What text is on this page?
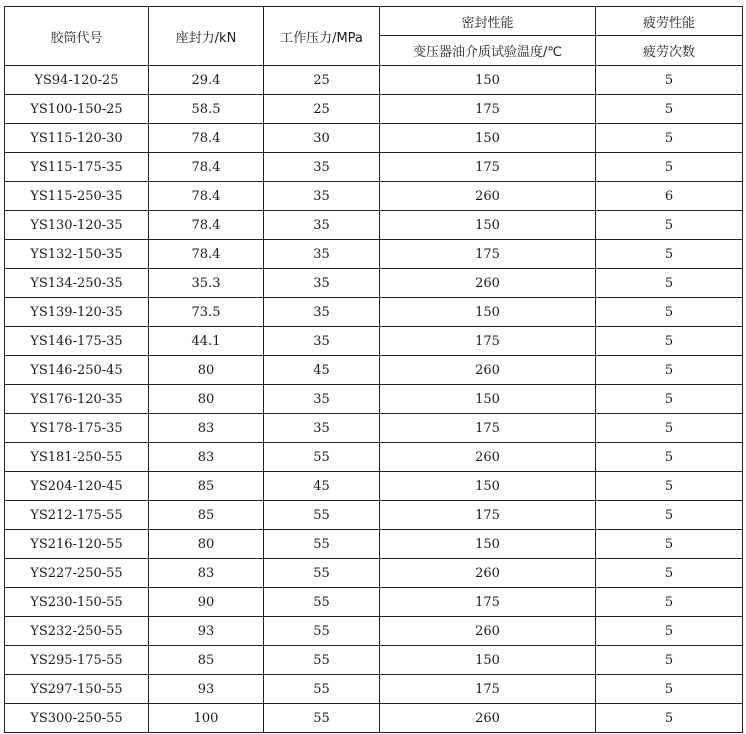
胶筒代号	座封力/kN	工作压力/MPa	密封性能	疲劳性能
			变压器油介质试验温度/℃	疲劳次数
YS94-120-25	29.4	25	150	5
YS100-150-25	58.5	25	175	5
YS115-120-30	78.4	30	150	5
YS115-175-35	78.4	35	175	5
YS115-250-35	78.4	35	260	6
YS130-120-35	78.4	35	150	5
YS132-150-35	78.4	35	175	5
YS134-250-35	35.3	35	260	5
YS139-120-35	73.5	35	150	5
YS146-175-35	44.1	35	175	5
YS146-250-45	80	45	260	5
YS176-120-35	80	35	150	5
YS178-175-35	83	35	175	5
YS181-250-55	83	55	260	5
YS204-120-45	85	45	150	5
YS212-175-55	85	55	175	5
YS216-120-55	80	55	150	5
YS227-250-55	83	55	260	5
YS230-150-55	90	55	175	5
YS232-250-55	93	55	260	5
YS295-175-55	85	55	150	5
YS297-150-55	93	55	175	5
YS300-250-55	100	55	260	5
